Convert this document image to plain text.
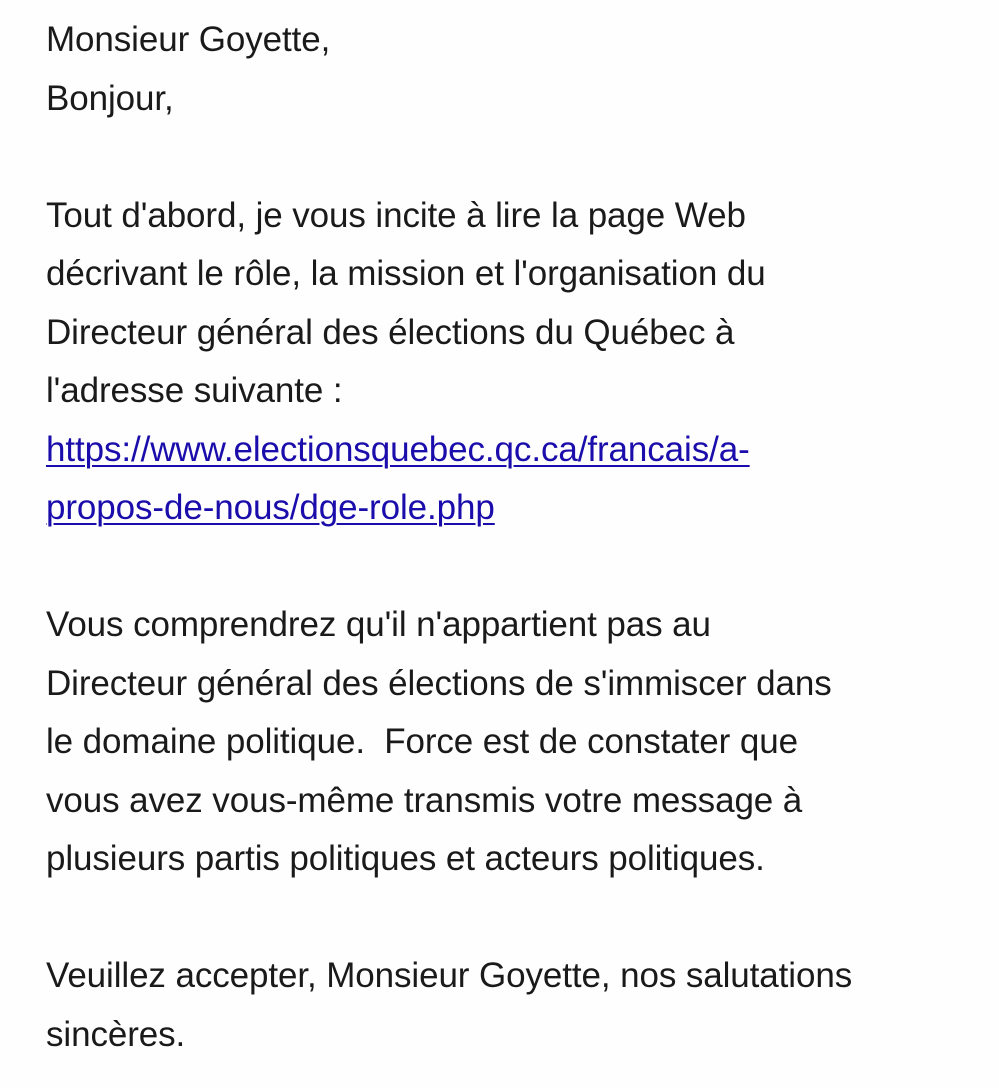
Monsieur Goyette,
Bonjour,
Tout d'abord, je vous incite à lire la page Web
décrivant le rôle, la mission et l'organisation du
Directeur général des élections du Québec à
l'adresse suivante :
https://www.electionsquebec.qc.ca/francais/a-
propos-de-nous/dge-role.php
Vous comprendrez qu'il n'appartient pas au
Directeur général des élections de s'immiscer dans
le domaine politique.  Force est de constater que
vous avez vous-même transmis votre message à
plusieurs partis politiques et acteurs politiques.
Veuillez accepter, Monsieur Goyette, nos salutations
sincères.
